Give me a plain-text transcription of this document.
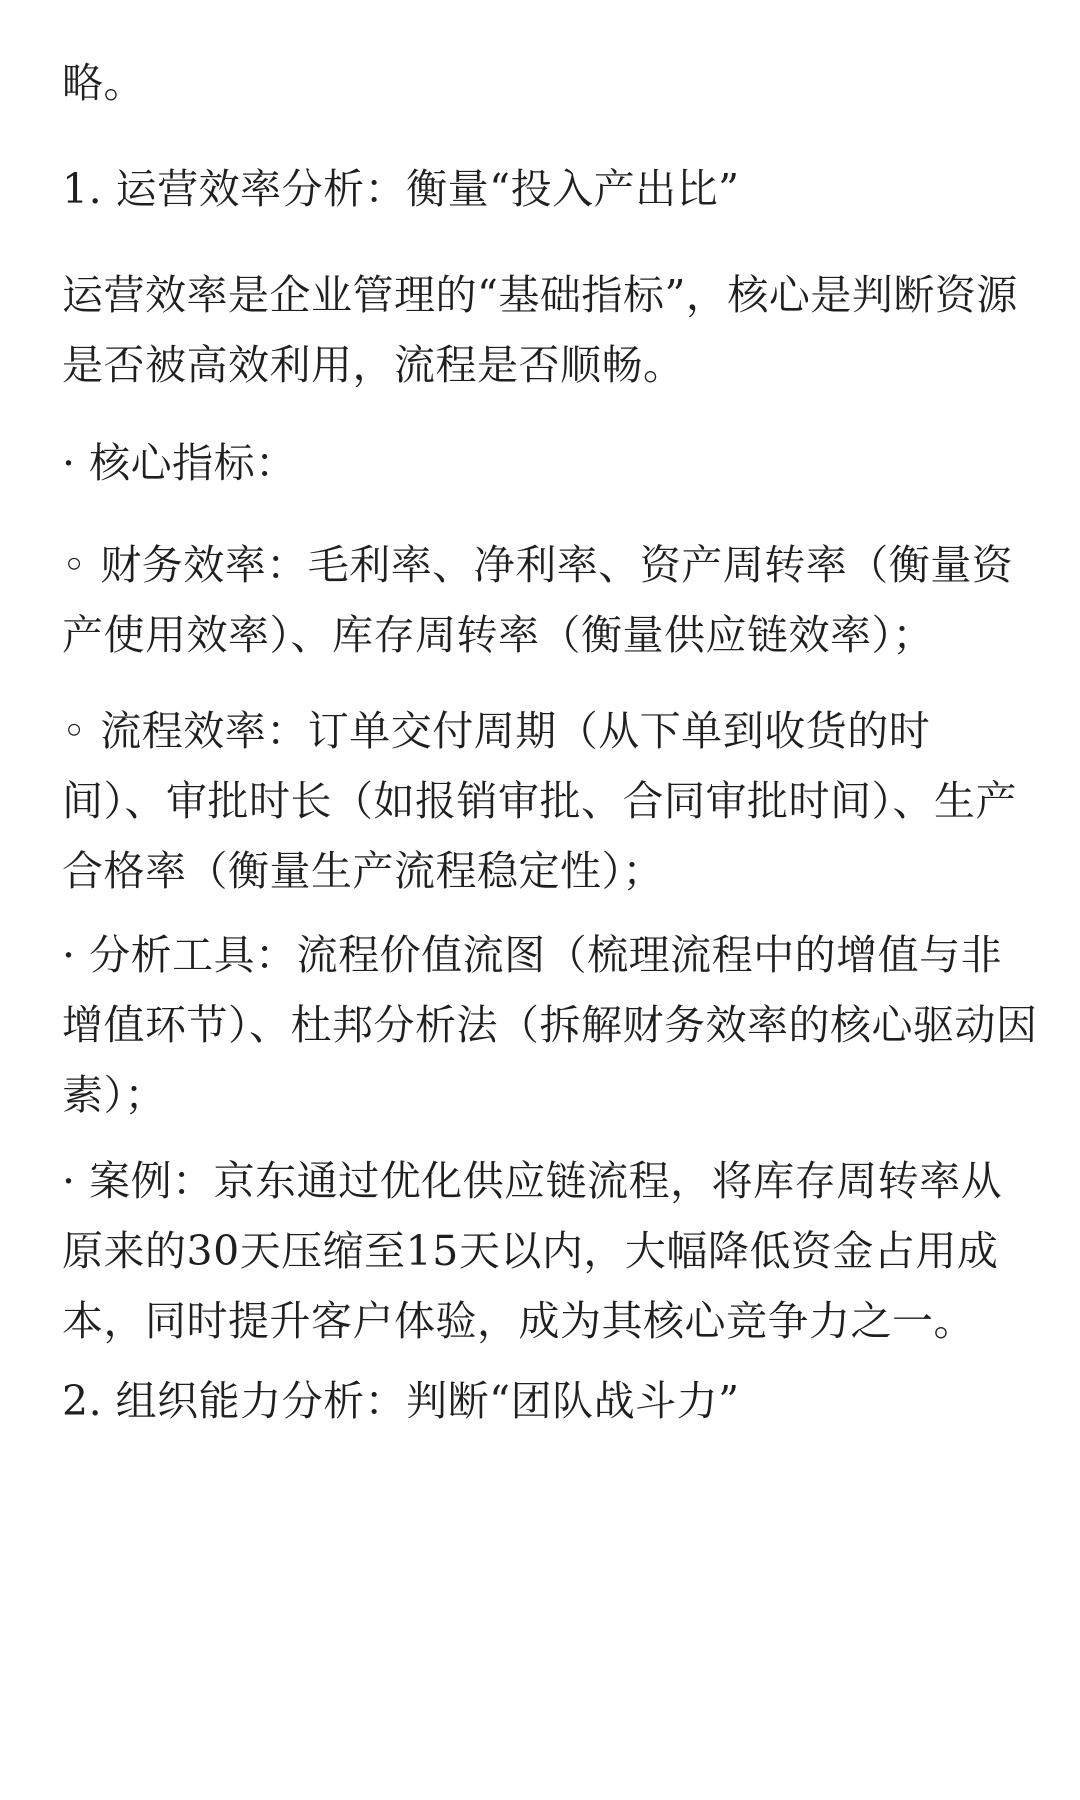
略。

1. 运营效率分析：衡量“投入产出比”

运营效率是企业管理的“基础指标”，核心是判断资源
是否被高效利用，流程是否顺畅。

· 核心指标：

◦ 财务效率：毛利率、净利率、资产周转率（衡量资
产使用效率）、库存周转率（衡量供应链效率）；

◦ 流程效率：订单交付周期（从下单到收货的时
间）、审批时长（如报销审批、合同审批时间）、生产
合格率（衡量生产流程稳定性）；

· 分析工具：流程价值流图（梳理流程中的增值与非
增值环节）、杜邦分析法（拆解财务效率的核心驱动因
素）；

· 案例：京东通过优化供应链流程，将库存周转率从
原来的30天压缩至15天以内，大幅降低资金占用成
本，同时提升客户体验，成为其核心竞争力之一。

2. 组织能力分析：判断“团队战斗力”
